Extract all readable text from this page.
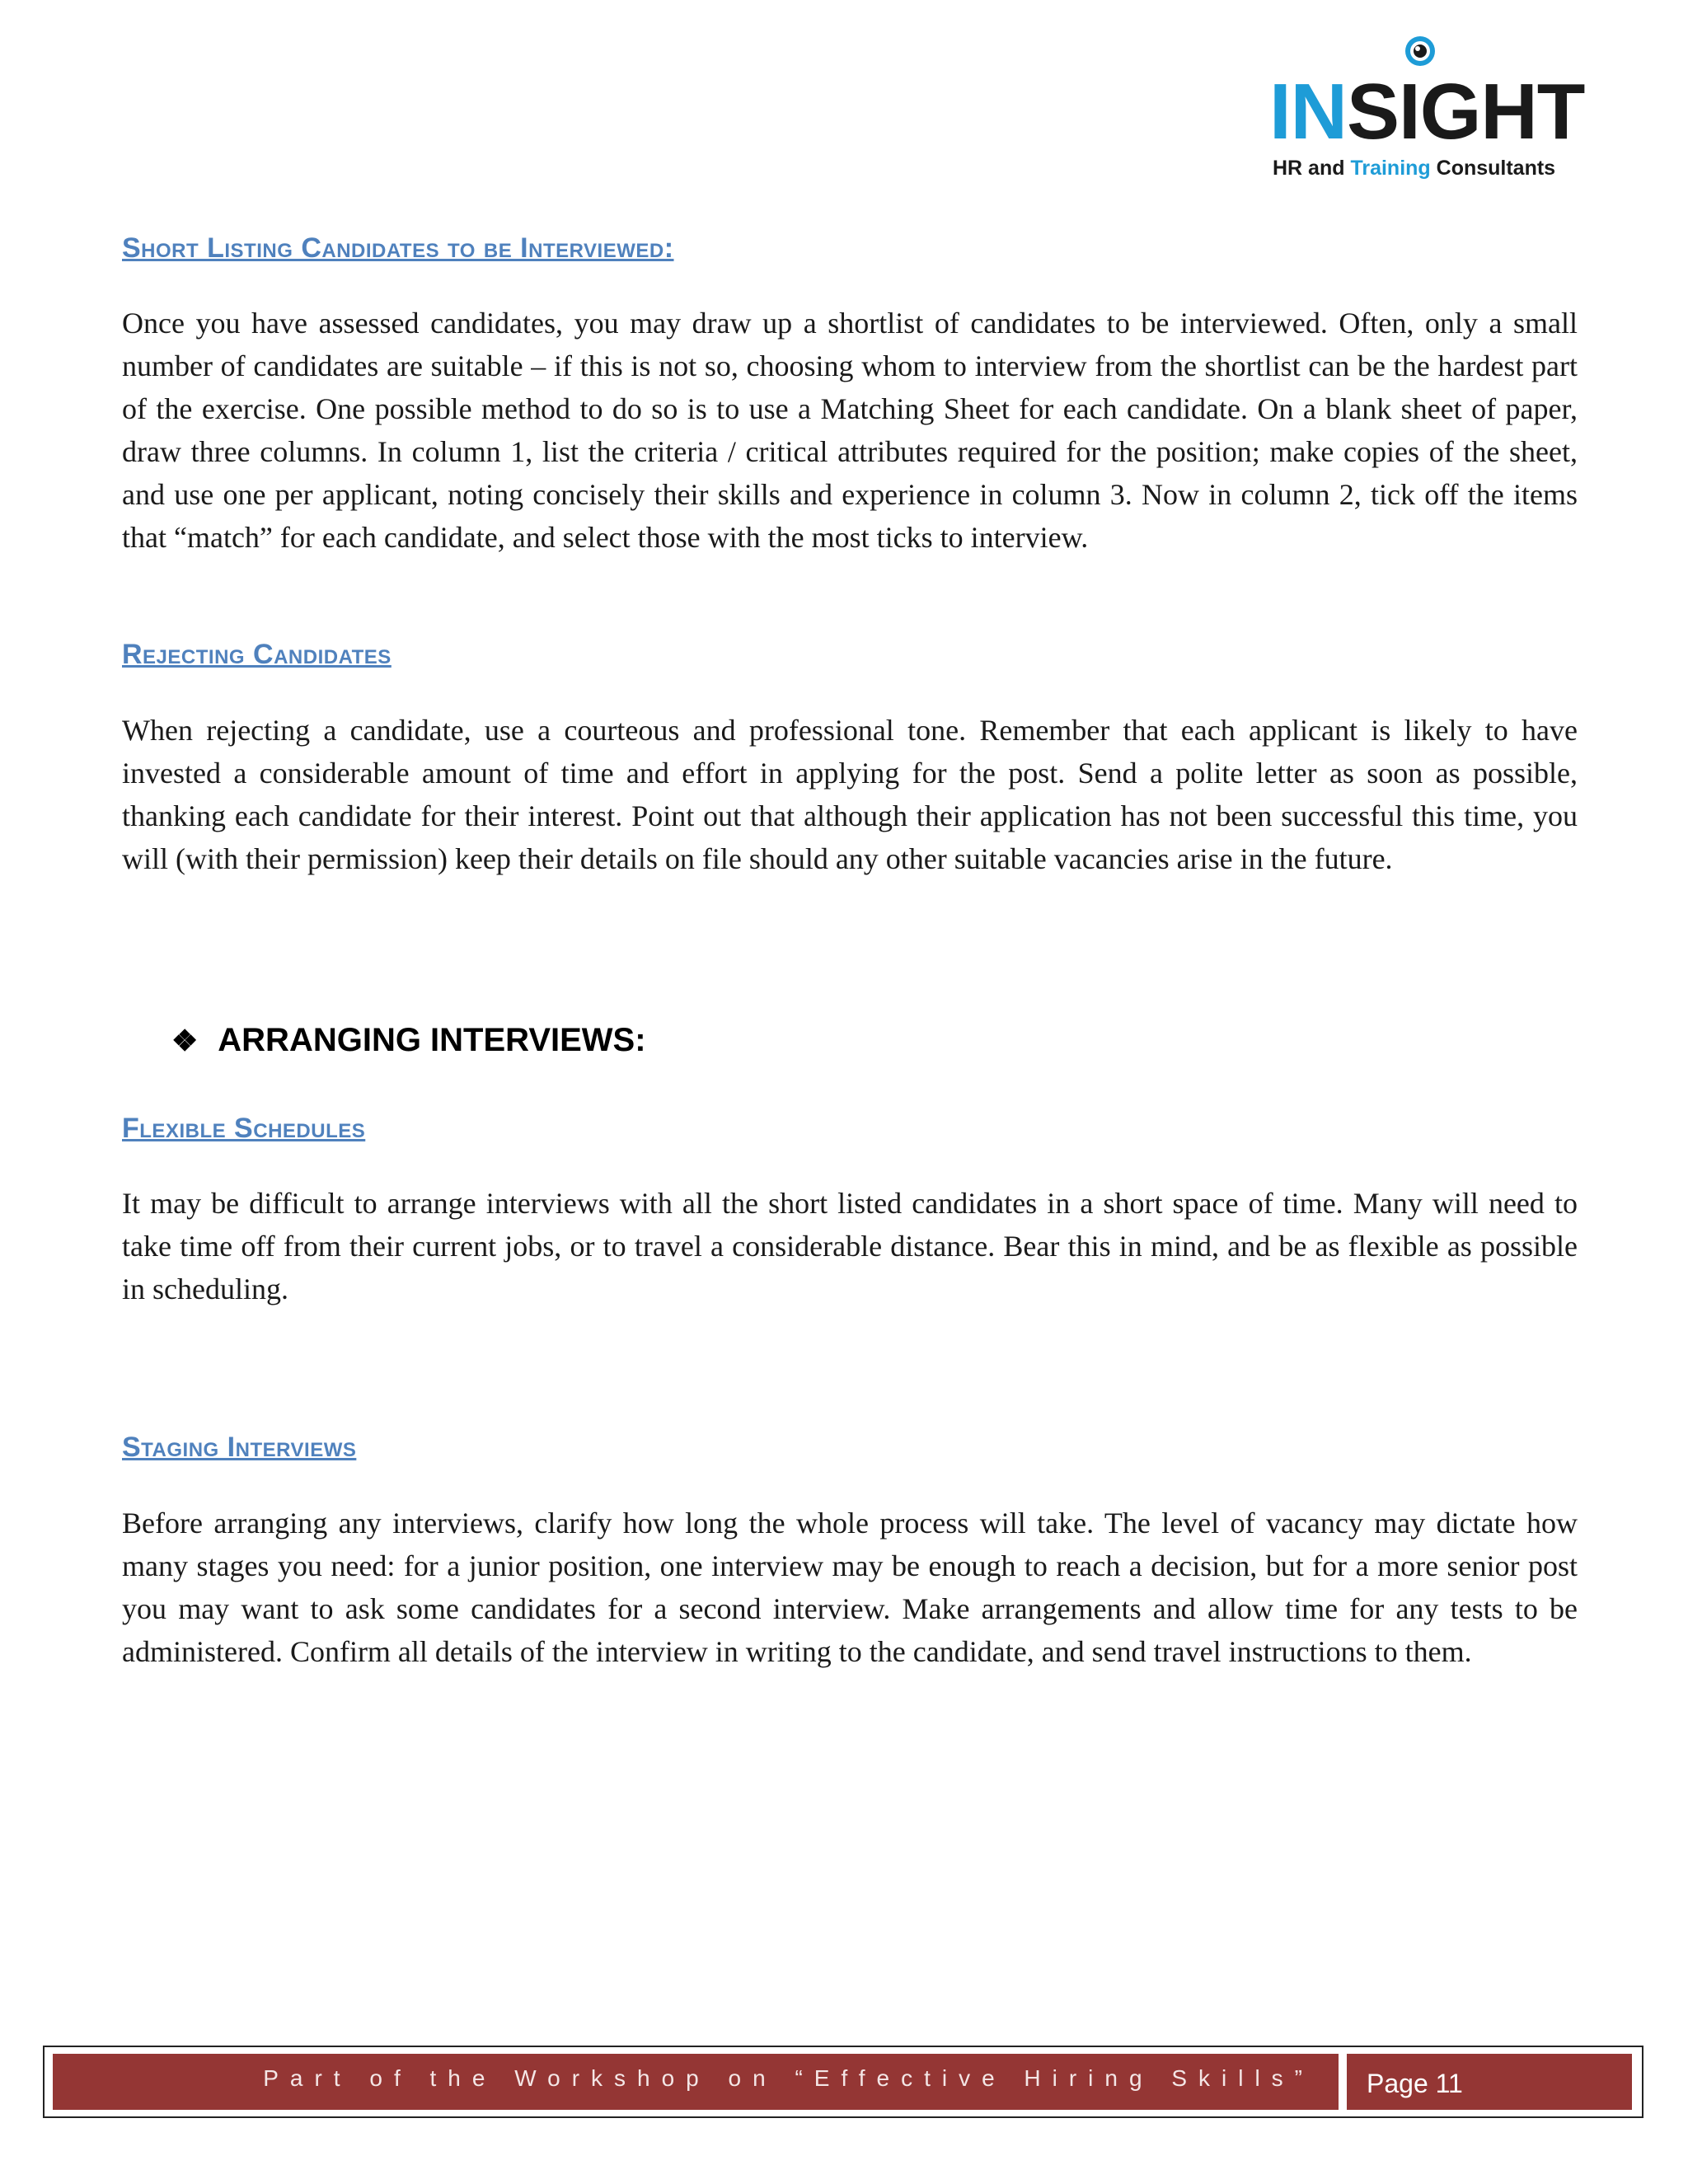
INSIGHT
HR and Training Consultants
Short Listing Candidates to be Interviewed:

Once you have assessed candidates, you may draw up a shortlist of candidates to be interviewed. Often, only a small number of candidates are suitable – if this is not so, choosing whom to interview from the shortlist can be the hardest part of the exercise. One possible method to do so is to use a Matching Sheet for each candidate. On a blank sheet of paper, draw three columns. In column 1, list the criteria / critical attributes required for the position; make copies of the sheet, and use one per applicant, noting concisely their skills and experience in column 3. Now in column 2, tick off the items that “match” for each candidate, and select those with the most ticks to interview.

Rejecting Candidates

When rejecting a candidate, use a courteous and professional tone. Remember that each applicant is likely to have invested a considerable amount of time and effort in applying for the post. Send a polite letter as soon as possible, thanking each candidate for their interest. Point out that although their application has not been successful this time, you will (with their permission) keep their details on file should any other suitable vacancies arise in the future.

❖ ARRANGING INTERVIEWS:
Flexible Schedules

It may be difficult to arrange interviews with all the short listed candidates in a short space of time. Many will need to take time off from their current jobs, or to travel a considerable distance. Bear this in mind, and be as flexible as possible in scheduling.

Staging Interviews

Before arranging any interviews, clarify how long the whole process will take. The level of vacancy may dictate how many stages you need: for a junior position, one interview may be enough to reach a decision, but for a more senior post you may want to ask some candidates for a second interview. Make arrangements and allow time for any tests to be administered. Confirm all details of the interview in writing to the candidate, and send travel instructions to them.

Part of the Workshop on “Effective Hiring Skills” Page 11
